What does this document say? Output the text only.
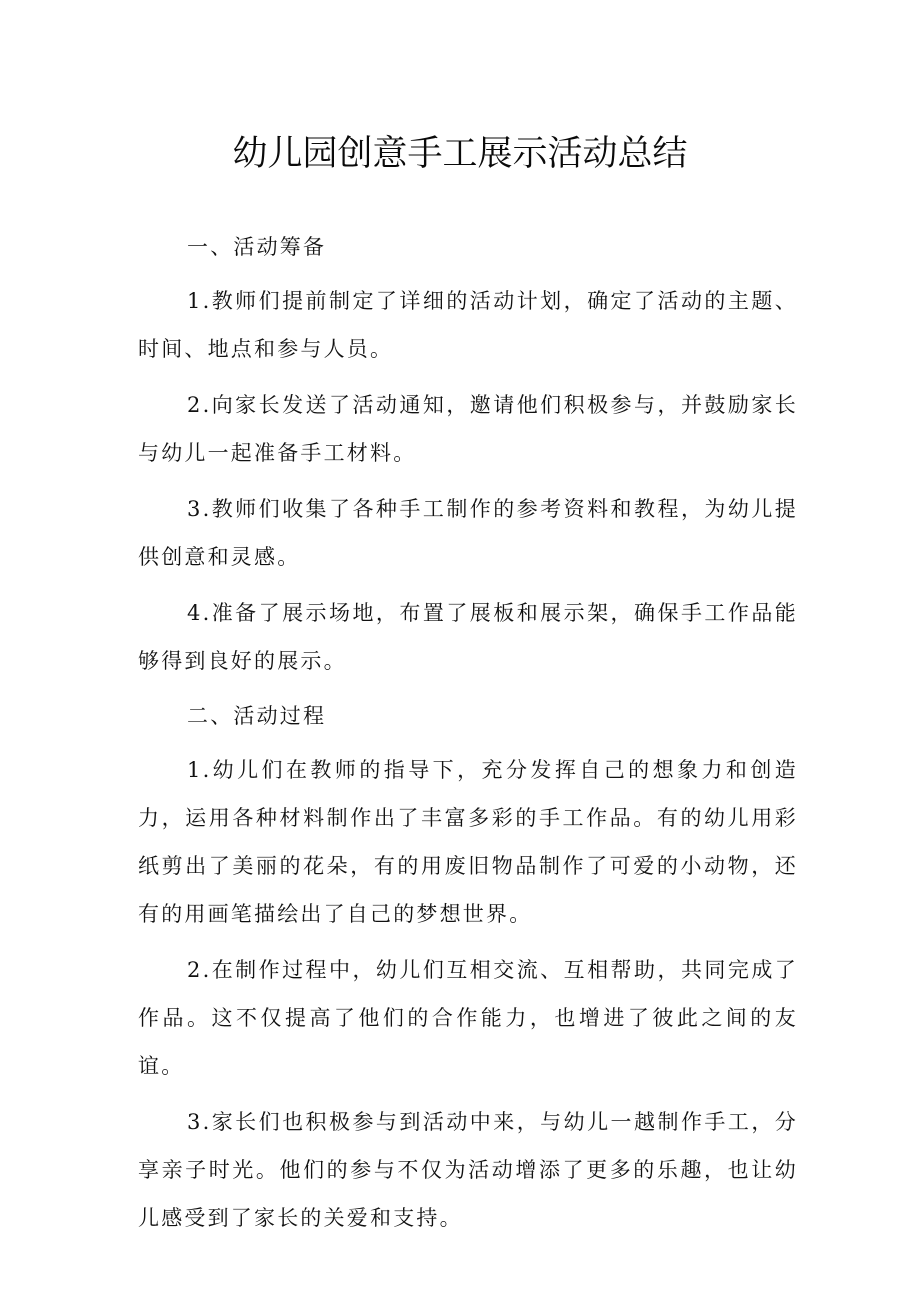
幼儿园创意手工展示活动总结

一、活动筹备

1.教师们提前制定了详细的活动计划，确定了活动的主题、时间、地点和参与人员。

2.向家长发送了活动通知，邀请他们积极参与，并鼓励家长与幼儿一起准备手工材料。

3.教师们收集了各种手工制作的参考资料和教程，为幼儿提供创意和灵感。

4.准备了展示场地，布置了展板和展示架，确保手工作品能够得到良好的展示。

二、活动过程

1.幼儿们在教师的指导下，充分发挥自己的想象力和创造力，运用各种材料制作出了丰富多彩的手工作品。有的幼儿用彩纸剪出了美丽的花朵，有的用废旧物品制作了可爱的小动物，还有的用画笔描绘出了自己的梦想世界。

2.在制作过程中，幼儿们互相交流、互相帮助，共同完成了作品。这不仅提高了他们的合作能力，也增进了彼此之间的友谊。

3.家长们也积极参与到活动中来，与幼儿一越制作手工，分享亲子时光。他们的参与不仅为活动增添了更多的乐趣，也让幼儿感受到了家长的关爱和支持。
